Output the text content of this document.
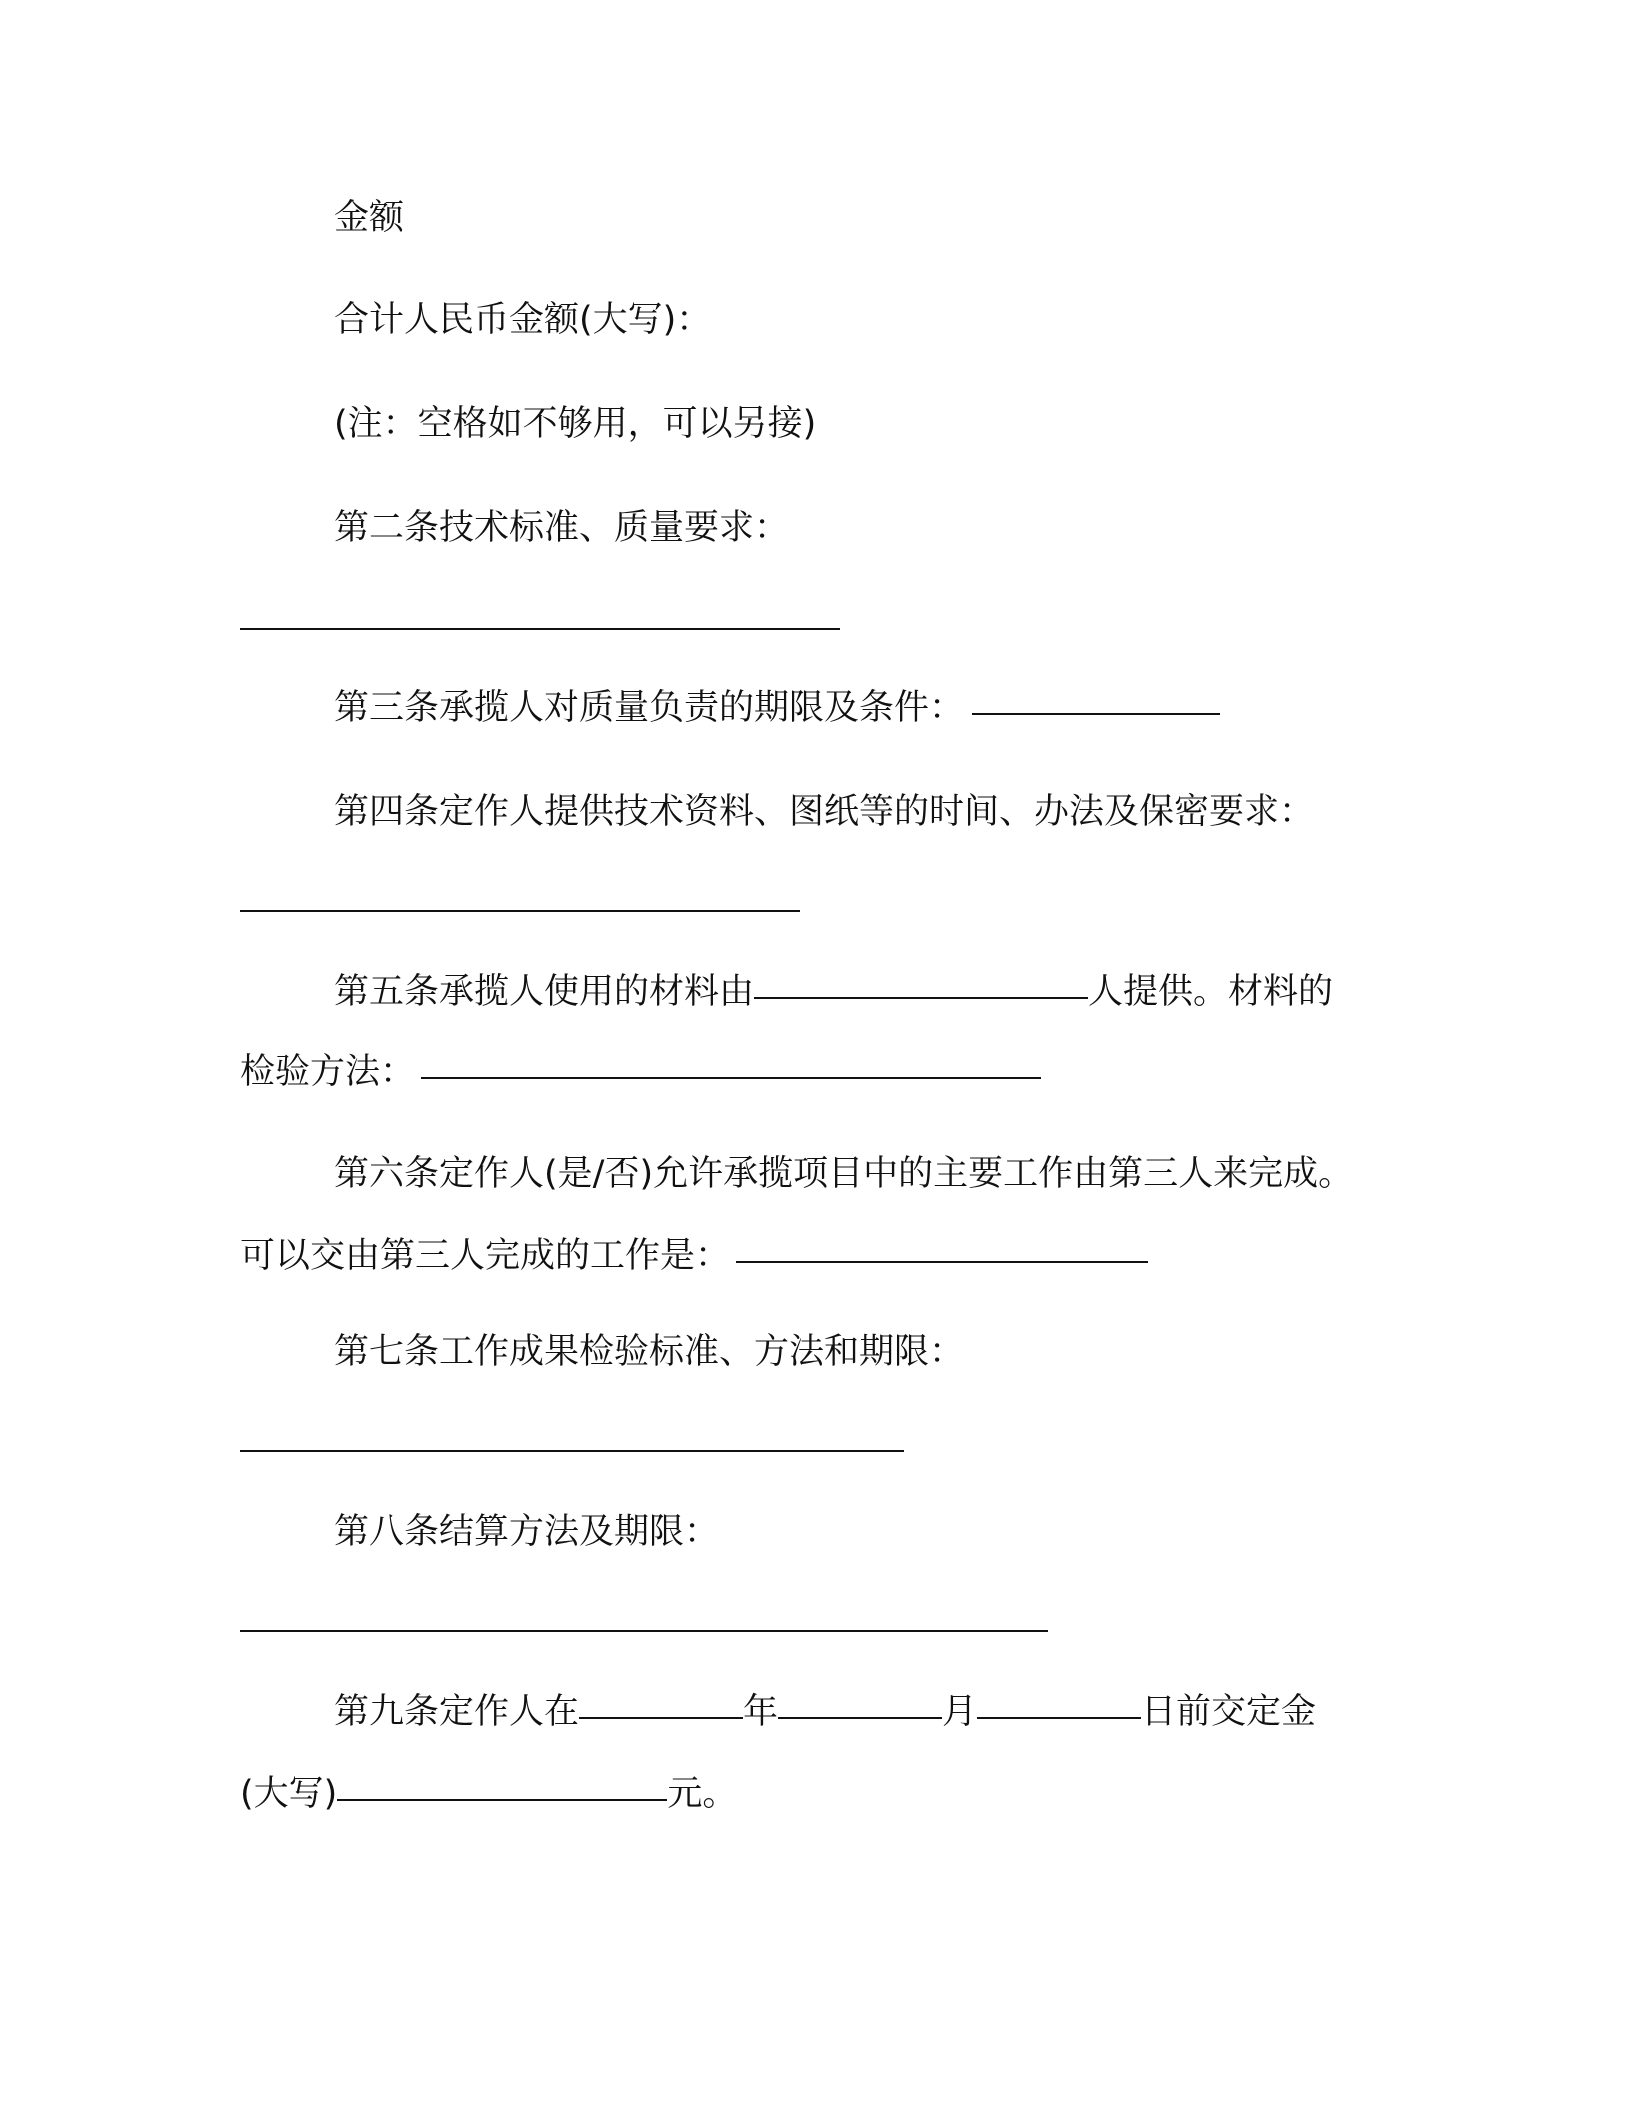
金额
合计人民币金额(大写)：
(注：空格如不够用，可以另接)
第二条技术标准、质量要求：
第三条承揽人对质量负责的期限及条件：
第四条定作人提供技术资料、图纸等的时间、办法及保密要求：
第五条承揽人使用的材料由	人提供。材料的
检验方法：
第六条定作人(是/否)允许承揽项目中的主要工作由第三人来完成。
可以交由第三人完成的工作是：
第七条工作成果检验标准、方法和期限：
第八条结算方法及期限：
第九条定作人在	年	月	日前交定金
(大写)	元。
